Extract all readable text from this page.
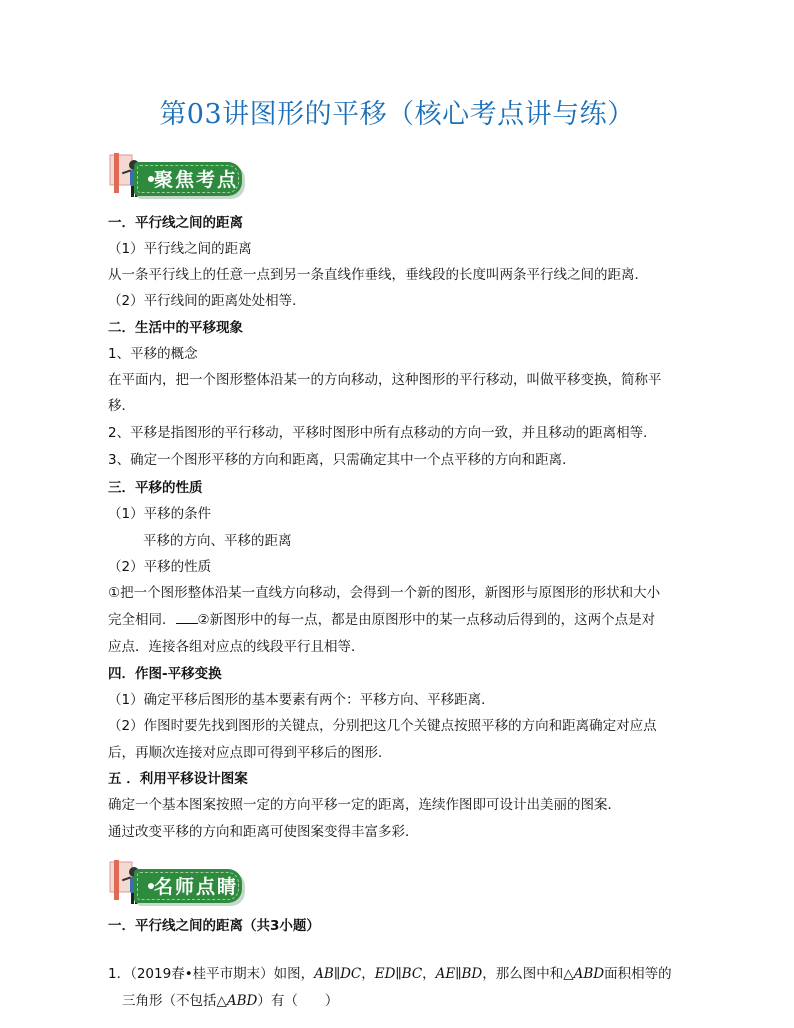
第03讲图形的平移（核心考点讲与练）
聚焦考点
一．平行线之间的距离
（1）平行线之间的距离
从一条平行线上的任意一点到另一条直线作垂线，垂线段的长度叫两条平行线之间的距离．
（2）平行线间的距离处处相等．
二．生活中的平移现象
1、平移的概念
在平面内，把一个图形整体沿某一的方向移动，这种图形的平行移动，叫做平移变换，简称平
移．
2、平移是指图形的平行移动，平移时图形中所有点移动的方向一致，并且移动的距离相等．
3、确定一个图形平移的方向和距离，只需确定其中一个点平移的方向和距离．
三．平移的性质
（1）平移的条件
平移的方向、平移的距离
（2）平移的性质
①把一个图形整体沿某一直线方向移动，会得到一个新的图形，新图形与原图形的形状和大小
完全相同． ②新图形中的每一点，都是由原图形中的某一点移动后得到的，这两个点是对
应点．连接各组对应点的线段平行且相等．
四．作图-平移变换
（1）确定平移后图形的基本要素有两个：平移方向、平移距离．
（2）作图时要先找到图形的关键点，分别把这几个关键点按照平移的方向和距离确定对应点
后，再顺次连接对应点即可得到平移后的图形．
五 ．利用平移设计图案
确定一个基本图案按照一定的方向平移一定的距离，连续作图即可设计出美丽的图案．
通过改变平移的方向和距离可使图案变得丰富多彩．
名师点睛
一．平行线之间的距离（共3小题）
1．（2019春•桂平市期末）如图，AB∥DC，ED∥BC，AE∥BD，那么图中和△ABD面积相等的
三角形（不包括△ABD）有（　　）
